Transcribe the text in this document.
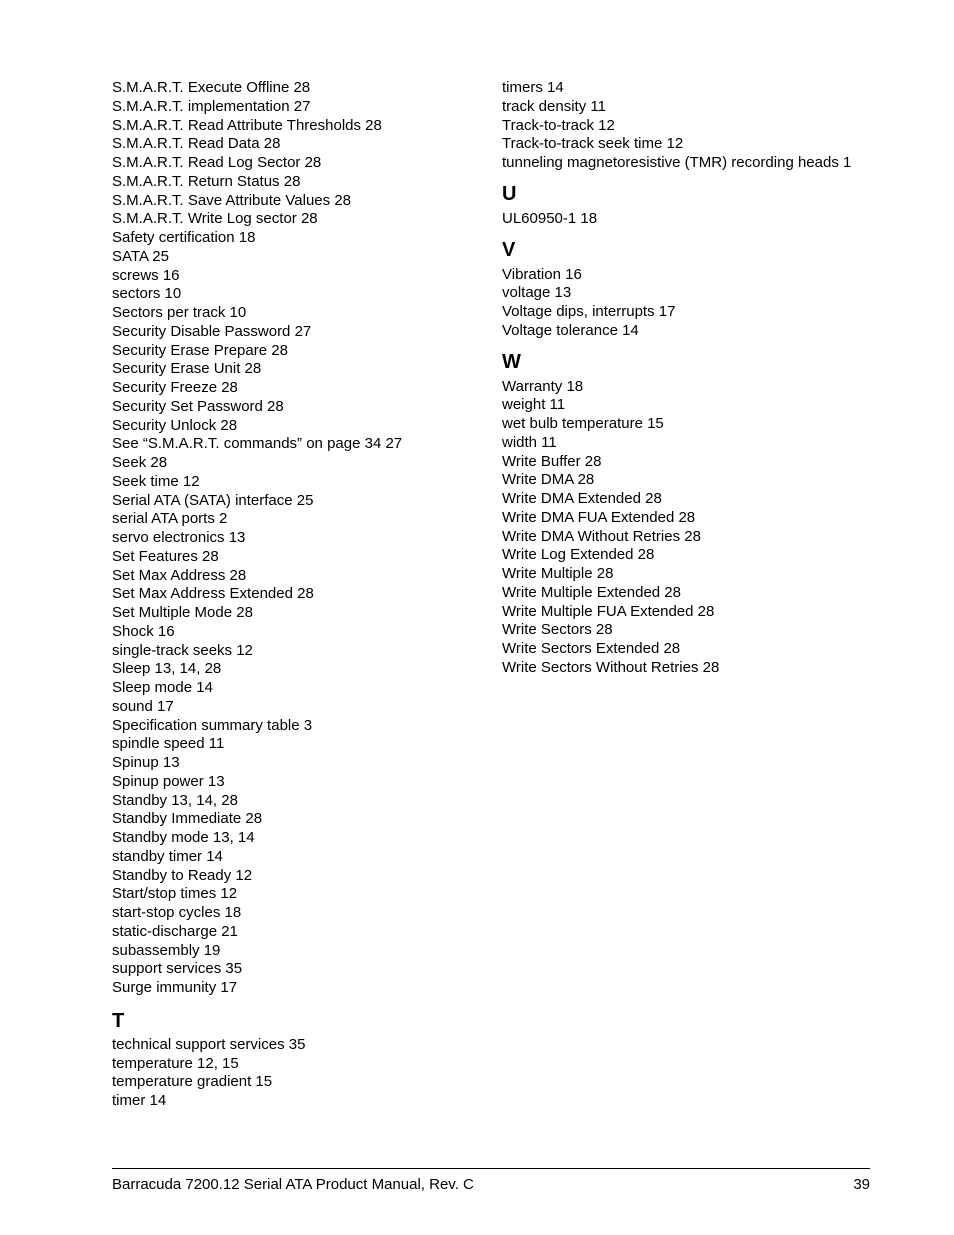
S.M.A.R.T. Execute Offline 28
S.M.A.R.T. implementation 27
S.M.A.R.T. Read Attribute Thresholds 28
S.M.A.R.T. Read Data 28
S.M.A.R.T. Read Log Sector 28
S.M.A.R.T. Return Status 28
S.M.A.R.T. Save Attribute Values 28
S.M.A.R.T. Write Log sector 28
Safety certification 18
SATA 25
screws 16
sectors 10
Sectors per track 10
Security Disable Password 27
Security Erase Prepare 28
Security Erase Unit 28
Security Freeze 28
Security Set Password 28
Security Unlock 28
See “S.M.A.R.T. commands” on page 34 27
Seek 28
Seek time 12
Serial ATA (SATA) interface 25
serial ATA ports 2
servo electronics 13
Set Features 28
Set Max Address 28
Set Max Address Extended 28
Set Multiple Mode 28
Shock 16
single-track seeks 12
Sleep 13, 14, 28
Sleep mode 14
sound 17
Specification summary table 3
spindle speed 11
Spinup 13
Spinup power 13
Standby 13, 14, 28
Standby Immediate 28
Standby mode 13, 14
standby timer 14
Standby to Ready 12
Start/stop times 12
start-stop cycles 18
static-discharge 21
subassembly 19
support services 35
Surge immunity 17
T
technical support services 35
temperature 12, 15
temperature gradient 15
timer 14
timers 14
track density 11
Track-to-track 12
Track-to-track seek time 12
tunneling magnetoresistive (TMR) recording heads 1
U
UL60950-1 18
V
Vibration 16
voltage 13
Voltage dips, interrupts 17
Voltage tolerance 14
W
Warranty 18
weight 11
wet bulb temperature 15
width 11
Write Buffer 28
Write DMA 28
Write DMA Extended 28
Write DMA FUA Extended 28
Write DMA Without Retries 28
Write Log Extended 28
Write Multiple 28
Write Multiple Extended 28
Write Multiple FUA Extended 28
Write Sectors 28
Write Sectors Extended 28
Write Sectors Without Retries 28
Barracuda 7200.12 Serial ATA Product Manual, Rev. C	39
